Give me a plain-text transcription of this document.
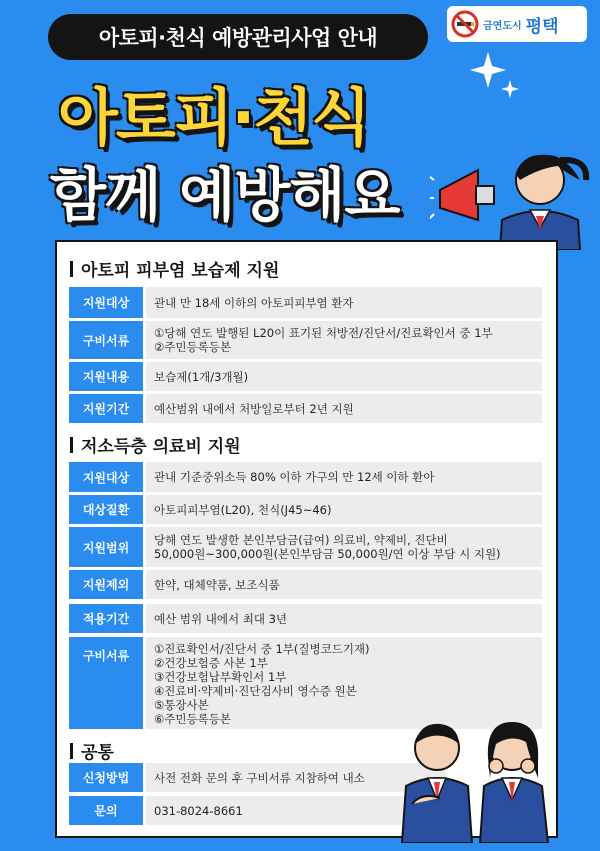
아토피·천식 예방관리사업 안내	금연도시 평택
아토피·천식
함께 예방해요
아토피 피부염 보습제 지원
지원대상	관내 만 18세 이하의 아토피피부염 환자
구비서류
①당해 연도 발행된 L20이 표기된 처방전/진단서/진료확인서 중 1부
②주민등록등본
지원내용	보습제(1개/3개월)
지원기간	예산범위 내에서 처방일로부터 2년 지원
저소득층 의료비 지원
지원대상	관내 기준중위소득 80% 이하 가구의 만 12세 이하 환아
대상질환	아토피피부염(L20), 천식(J45~46)
지원범위
당해 연도 발생한 본인부담금(급여) 의료비, 약제비, 진단비
50,000원~300,000원(본인부담금 50,000원/연 이상 부담 시 지원)
지원제외	한약, 대체약품, 보조식품
적용기간	예산 범위 내에서 최대 3년
구비서류	①진료확인서/진단서 중 1부(질병코드기재)
②건강보험증 사본 1부
③건강보험납부확인서 1부
④진료비·약제비·진단검사비 영수증 원본
⑤통장사본
⑥주민등록등본
공통
신청방법	사전 전화 문의 후 구비서류 지참하여 내소
문의	031-8024-8661
